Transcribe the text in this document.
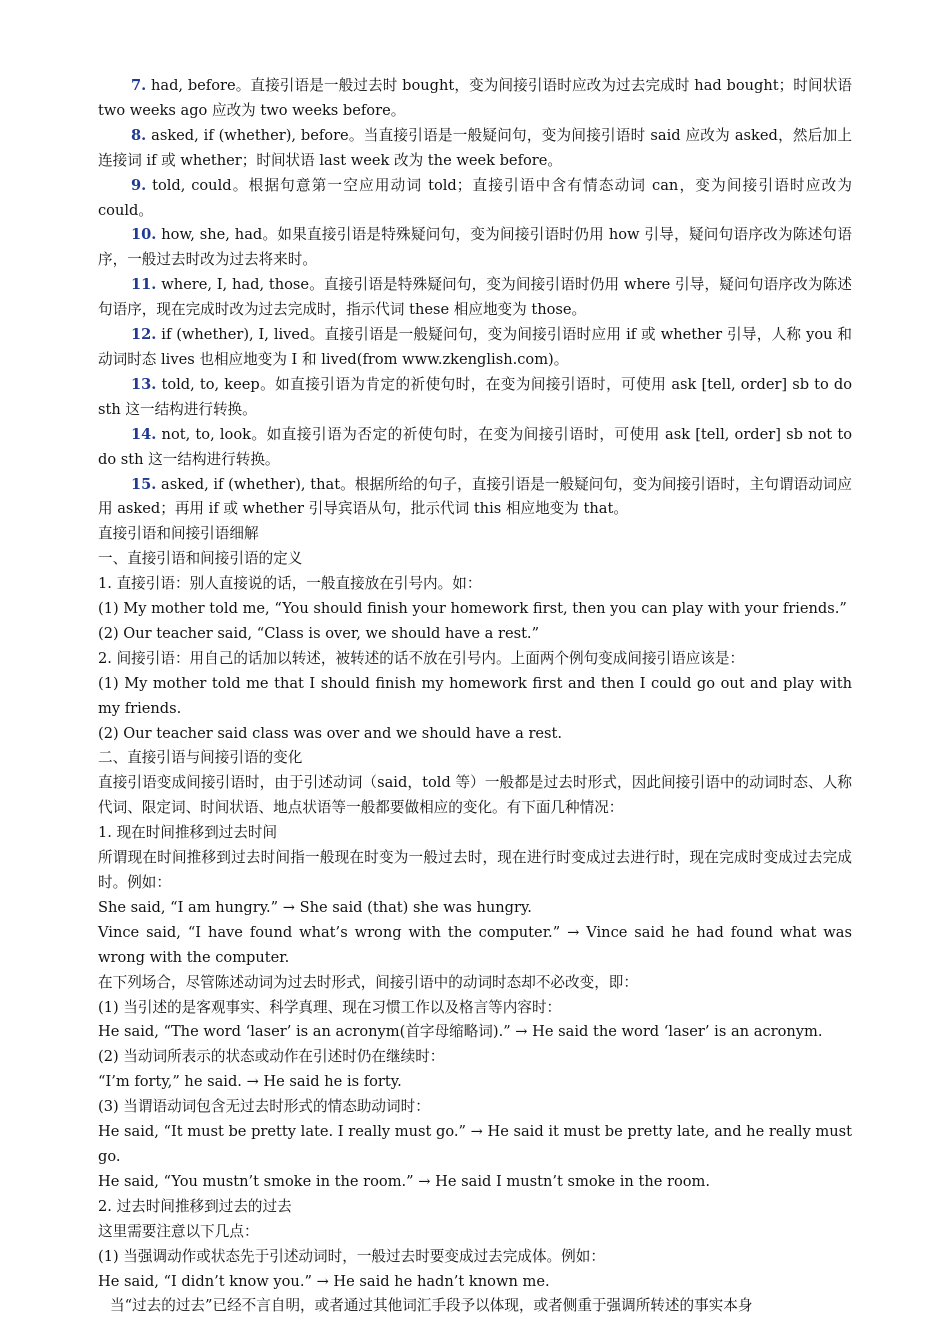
7. had, before。直接引语是一般过去时 bought，变为间接引语时应改为过去完成时 had bought；时间状语 two weeks ago 应改为 two weeks before。

8. asked, if (whether), before。当直接引语是一般疑问句，变为间接引语时 said 应改为 asked，然后加上连接词 if 或 whether；时间状语 last week 改为 the week before。

9. told, could。根据句意第一空应用动词 told；直接引语中含有情态动词 can，变为间接引语时应改为　could。

10. how, she, had。如果直接引语是特殊疑问句，变为间接引语时仍用 how 引导，疑问句语序改为陈述句语序，一般过去时改为过去将来时。

11. where, I, had, those。直接引语是特殊疑问句，变为间接引语时仍用 where 引导，疑问句语序改为陈述句语序，现在完成时改为过去完成时，指示代词 these 相应地变为 those。

12. if (whether), I, lived。直接引语是一般疑问句，变为间接引语时应用 if 或 whether 引导，人称 you 和动词时态 lives 也相应地变为 I 和 lived(from www.zkenglish.com)。

13. told, to, keep。如直接引语为肯定的祈使句时，在变为间接引语时，可使用 ask [tell, order] sb to do sth 这一结构进行转换。

14. not, to, look。如直接引语为否定的祈使句时，在变为间接引语时，可使用 ask [tell, order] sb not to do sth 这一结构进行转换。

15. asked, if (whether), that。根据所给的句子，直接引语是一般疑问句，变为间接引语时，主句谓语动词应用 asked；再用 if 或 whether 引导宾语从句，批示代词 this 相应地变为 that。

直接引语和间接引语细解

一、直接引语和间接引语的定义

1. 直接引语：别人直接说的话，一般直接放在引号内。如：

(1) My mother told me, “You should finish your homework first, then you can play with your friends.”

(2) Our teacher said, “Class is over, we should have a rest.”

2. 间接引语：用自己的话加以转述，被转述的话不放在引号内。上面两个例句变成间接引语应该是：

(1) My mother told me that I should finish my homework first and then I could go out and play with my friends.

(2) Our teacher said class was over and we should have a rest.

二、直接引语与间接引语的变化

直接引语变成间接引语时，由于引述动词（said，told 等）一般都是过去时形式，因此间接引语中的动词时态、人称代词、限定词、时间状语、地点状语等一般都要做相应的变化。有下面几种情况：

1. 现在时间推移到过去时间

所谓现在时间推移到过去时间指一般现在时变为一般过去时，现在进行时变成过去进行时，现在完成时变成过去完成时。例如：

She said, “I am hungry.” → She said (that) she was hungry.

Vince said, “I have found what’s wrong with the computer.” → Vince said he had found what was wrong with the computer.

在下列场合，尽管陈述动词为过去时形式，间接引语中的动词时态却不必改变，即：

(1) 当引述的是客观事实、科学真理、现在习惯工作以及格言等内容时：

He said, “The word ‘laser’ is an acronym(首字母缩略词).” → He said the word ‘laser’ is an acronym.

(2) 当动词所表示的状态或动作在引述时仍在继续时：

“I’m forty,” he said. → He said he is forty.

(3) 当谓语动词包含无过去时形式的情态助动词时：

He said, “It must be pretty late. I really must go.” → He said it must be pretty late, and he really must go.

He said, “You mustn’t smoke in the room.” → He said I mustn’t smoke in the room.

2. 过去时间推移到过去的过去

这里需要注意以下几点：

(1) 当强调动作或状态先于引述动词时，一般过去时要变成过去完成体。例如：

He said, “I didn’t know you.” → He said he hadn’t known me.

当“过去的过去”已经不言自明，或者通过其他词汇手段予以体现，或者侧重于强调所转述的事实本身
